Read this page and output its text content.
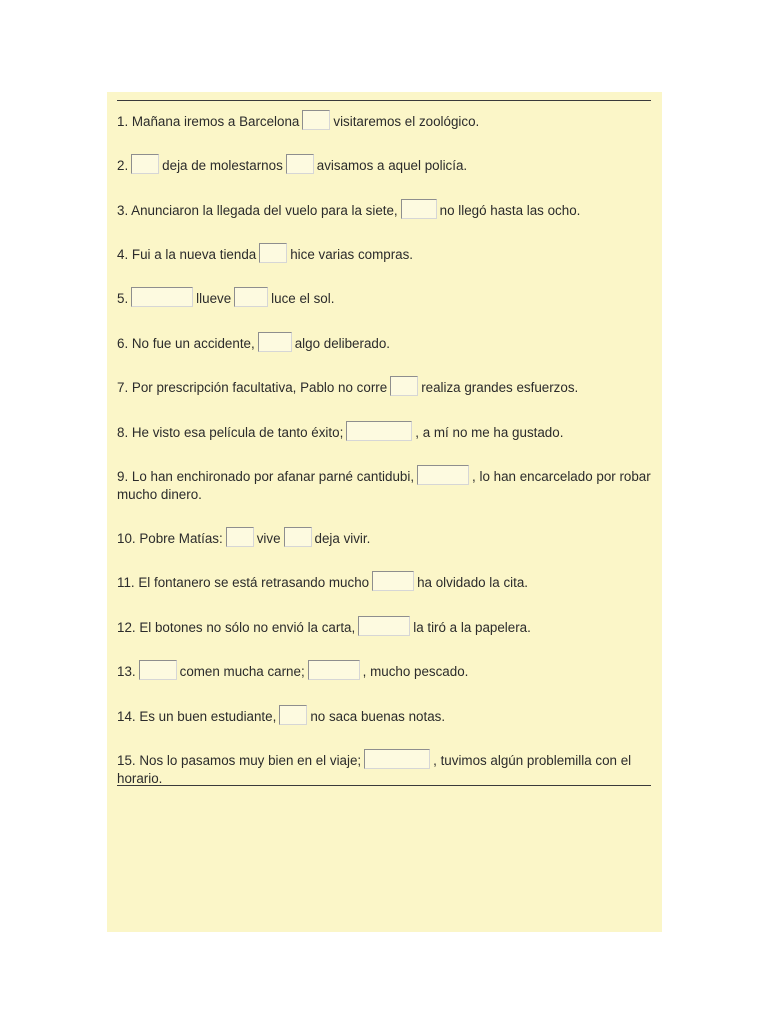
1. Mañana iremos a Barcelona	visitaremos el zoológico.
2.	deja de molestarnos	avisamos a aquel policía.
3. Anunciaron la llegada del vuelo para la siete,	no llegó hasta las ocho.
4. Fui a la nueva tienda	hice varias compras.
5.	llueve	luce el sol.
6. No fue un accidente,	algo deliberado.
7. Por prescripción facultativa, Pablo no corre	realiza grandes esfuerzos.
8. He visto esa película de tanto éxito;	, a mí no me ha gustado.
9. Lo han enchironado por afanar parné cantidubi,	, lo han encarcelado por robar mucho dinero.
10. Pobre Matías:	vive	deja vivir.
11. El fontanero se está retrasando mucho	ha olvidado la cita.
12. El botones no sólo no envió la carta,	la tiró a la papelera.
13.	comen mucha carne;	, mucho pescado.
14. Es un buen estudiante,	no saca buenas notas.
15. Nos lo pasamos muy bien en el viaje;	, tuvimos algún problemilla con el horario.
